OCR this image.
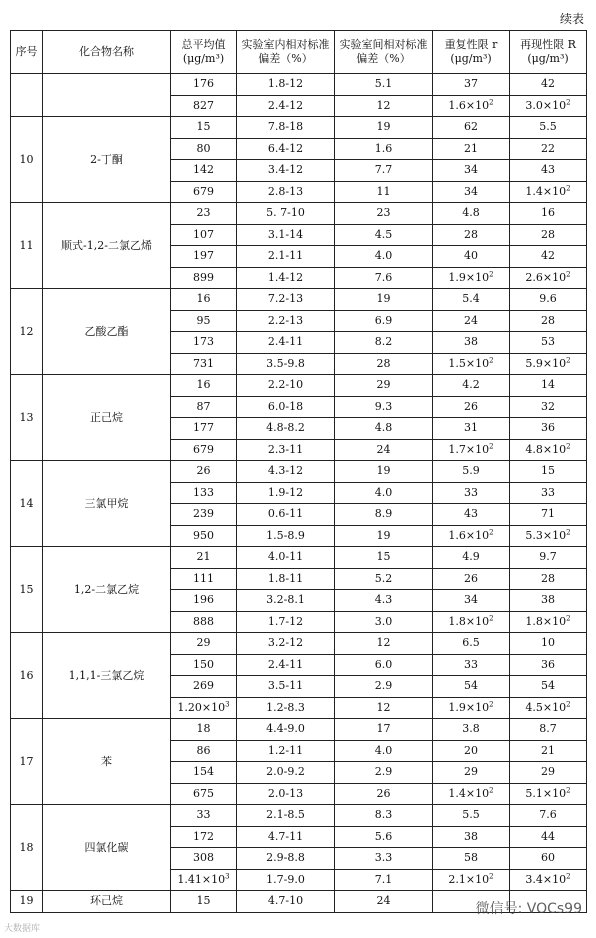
续表
序号	化合物名称	总平均值 (μg/m³)	实验室内相对标准偏差（%）	实验室间相对标准偏差（%）	重复性限 r (μg/m³)	再现性限 R (μg/m³)
		176	1.8-12	5.1	37	42
		827	2.4-12	12	$1.6\times 10^2$	$3.0\times 10^2$
10	2-丁酮	15	7.8-18	19	62	5.5
		80	6.4-12	1.6	21	22
		142	3.4-12	7.7	34	43
		679	2.8-13	11	34	$1.4\times 10^2$
11	顺式-1,2-二氯乙烯	23	5. 7-10	23	4.8	16
		107	3.1-14	4.5	28	28
		197	2.1-11	4.0	40	42
		899	1.4-12	7.6	$1.9\times 10^2$	$2.6\times 10^2$
12	乙酸乙酯	16	7.2-13	19	5.4	9.6
		95	2.2-13	6.9	24	28
		173	2.4-11	8.2	38	53
		731	3.5-9.8	28	$1.5\times 10^2$	$5.9\times 10^2$
13	正己烷	16	2.2-10	29	4.2	14
		87	6.0-18	9.3	26	32
		177	4.8-8.2	4.8	31	36
		679	2.3-11	24	$1.7\times 10^2$	$4.8\times 10^2$
14	三氯甲烷	26	4.3-12	19	5.9	15
		133	1.9-12	4.0	33	33
		239	0.6-11	8.9	43	71
		950	1.5-8.9	19	$1.6\times 10^2$	$5.3\times 10^2$
15	1,2-二氯乙烷	21	4.0-11	15	4.9	9.7
		111	1.8-11	5.2	26	28
		196	3.2-8.1	4.3	34	38
		888	1.7-12	3.0	$1.8\times 10^2$	$1.8\times 10^2$
16	1,1,1-三氯乙烷	29	3.2-12	12	6.5	10
		150	2.4-11	6.0	33	36
		269	3.5-11	2.9	54	54
		$1.20\times 10^3$	1.2-8.3	12	$1.9\times 10^2$	$4.5\times 10^2$
17	苯	18	4.4-9.0	17	3.8	8.7
		86	1.2-11	4.0	20	21
		154	2.0-9.2	2.9	29	29
		675	2.0-13	26	$1.4\times 10^2$	$5.1\times 10^2$
18	四氯化碳	33	2.1-8.5	8.3	5.5	7.6
		172	4.7-11	5.6	38	44
		308	2.9-8.8	3.3	58	60
		$1.41\times 10^3$	1.7-9.0	7.1	$2.1\times 10^2$	$3.4\times 10^2$
19	环己烷	15	4.7-10	24		
微信号: VOCs99
大数据库
